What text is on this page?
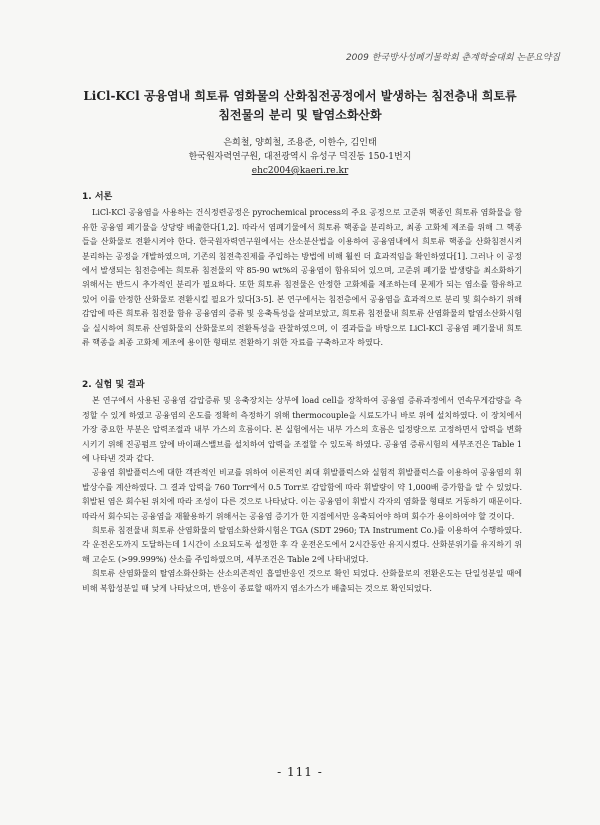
2009 한국방사성폐기물학회 춘계학술대회 논문요약집
LiCl-KCl 공융염내 희토류 염화물의 산화침전공정에서 발생하는 침전층내 희토류
침전물의 분리 및 탈염소화산화
은희철, 양희철, 조용준, 이한수, 김인태
한국원자력연구원, 대전광역시 유성구 덕진동 150-1번지
ehc2004@kaeri.re.kr
1. 서론

LiCl-KCl 공융염을 사용하는 건식정련공정은 pyrochemical process의 주요 공정으로 고준위 핵종인 희토류 염화물을 함유한 공융염 폐기물을 상당량 배출한다[1,2]. 따라서 염폐기물에서 희토류 핵종을 분리하고, 최종 고화체 제조를 위해 그 핵종들을 산화물로 전환시켜야 한다. 한국원자력연구원에서는 산소분산법을 이용하여 공융염내에서 희토류 핵종을 산화침전시켜 분리하는 공정을 개발하였으며, 기존의 침전촉진제를 주입하는 방법에 비해 훨씬 더 효과적임을 확인하였다[1]. 그러나 이 공정에서 발생되는 침전층에는 희토류 침전물의 약 85-90 wt%의 공융염이 함유되어 있으며, 고준위 폐기물 발생량을 최소화하기 위해서는 반드시 추가적인 분리가 필요하다. 또한 희토류 침전물은 안정한 고화체를 제조하는데 문제가 되는 염소를 함유하고 있어 이를 안정한 산화물로 전환시킬 필요가 있다[3-5]. 본 연구에서는 침전층에서 공융염을 효과적으로 분리 및 회수하기 위해 감압에 따른 희토류 침전물 함유 공융염의 증류 및 응축특성을 살펴보았고, 희토류 침전물내 희토류 산염화물의 탈염소산화시험을 실시하여 희토류 산염화물의 산화물로의 전환특성을 관찰하였으며, 이 결과들을 바탕으로 LiCl-KCl 공융염 폐기물내 희토류 핵종을 최종 고화체 제조에 용이한 형태로 전환하기 위한 자료를 구축하고자 하였다.

2. 실험 및 결과

본 연구에서 사용된 공융염 감압증류 및 응축장치는 상부에 load cell을 장착하여 공융염 증류과정에서 연속무게감량을 측정할 수 있게 하였고 공융염의 온도를 정확히 측정하기 위해 thermocouple을 시료도가니 바로 위에 설치하였다. 이 장치에서 가장 중요한 부분은 압력조절과 내부 가스의 흐름이다. 본 실험에서는 내부 가스의 흐름은 일정량으로 고정하면서 압력을 변화시키기 위해 진공펌프 앞에 바이패스밸브를 설치하여 압력을 조절할 수 있도록 하였다. 공융염 증류시험의 세부조건은 Table 1에 나타낸 것과 같다.

공융염 휘발플럭스에 대한 객관적인 비교를 위하여 이론적인 최대 휘발플럭스와 실험적 휘발플럭스를 이용하여 공융염의 휘발상수를 계산하였다. 그 결과 압력을 760 Torr에서 0.5 Torr로 감압함에 따라 휘발량이 약 1,000배 증가함을 알 수 있었다. 휘발된 염은 회수된 위치에 따라 조성이 다른 것으로 나타났다. 이는 공융염이 휘발시 각자의 염화물 형태로 거동하기 때문이다. 따라서 회수되는 공융염을 재활용하기 위해서는 공융염 증기가 한 지점에서만 응축되어야 하며 회수가 용이하여야 할 것이다.

희토류 침전물내 희토류 산염화물의 탈염소화산화시험은 TGA (SDT 2960; TA Instrument Co.)를 이용하여 수행하였다. 각 운전온도까지 도달하는데 1시간이 소요되도록 설정한 후 각 운전온도에서 2시간동안 유지시켰다. 산화분위기를 유지하기 위해 고순도 (>99.999%) 산소를 주입하였으며, 세부조건은 Table 2에 나타내었다.

희토류 산염화물의 탈염소화산화는 산소의존적인 흡열반응인 것으로 확인 되었다. 산화물로의 전환온도는 단일성분일 때에 비해 복합성분일 때 낮게 나타났으며, 반응이 종료할 때까지 염소가스가 배출되는 것으로 확인되었다.

- 111 -
